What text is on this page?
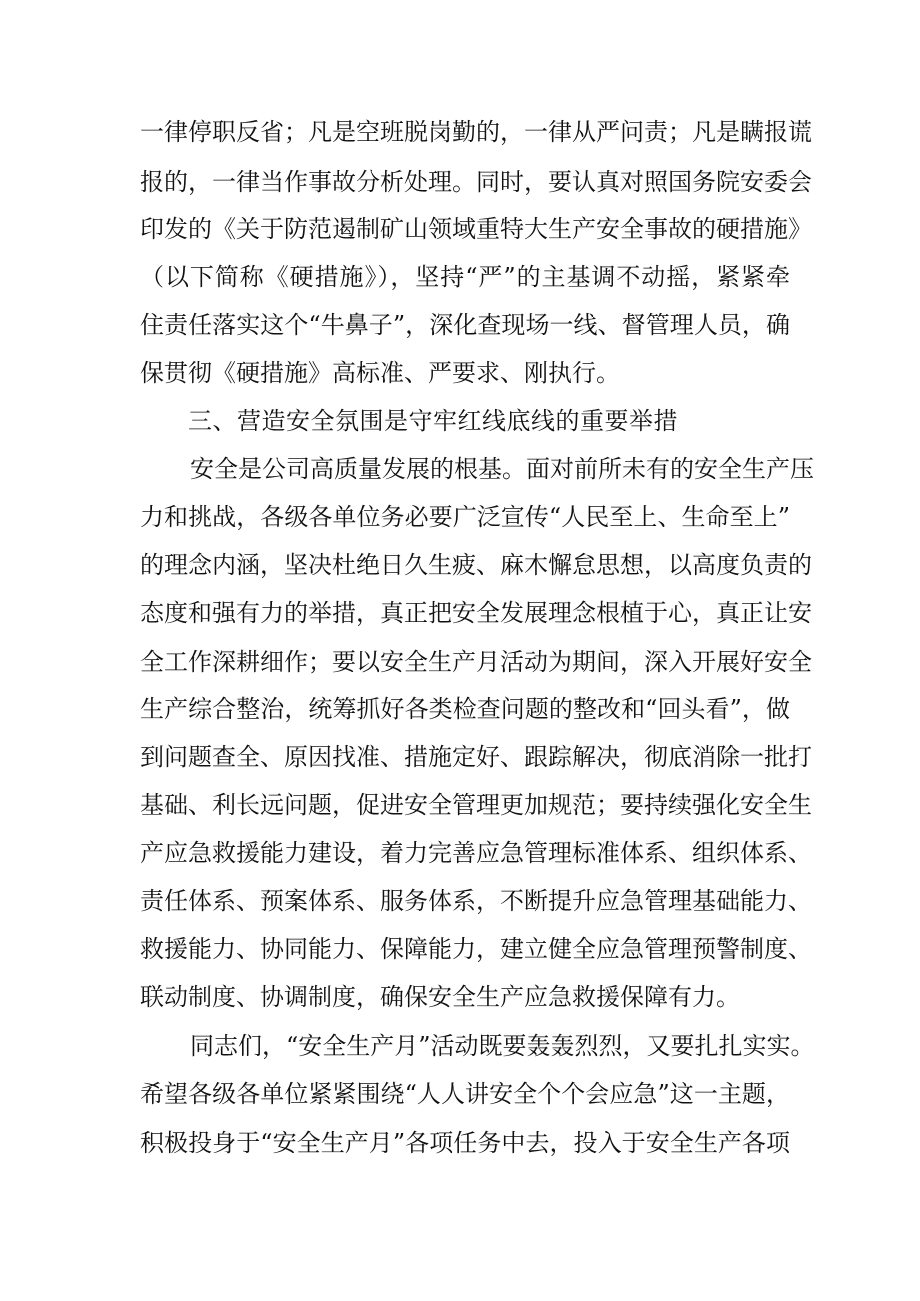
一律停职反省；凡是空班脱岗勤的，一律从严问责；凡是瞒报谎
报的，一律当作事故分析处理。同时，要认真对照国务院安委会
印发的《关于防范遏制矿山领域重特大生产安全事故的硬措施》
（以下简称《硬措施》），坚持“严”的主基调不动摇，紧紧牵
住责任落实这个“牛鼻子”，深化查现场一线、督管理人员，确
保贯彻《硬措施》高标准、严要求、刚执行。
三、营造安全氛围是守牢红线底线的重要举措
安全是公司高质量发展的根基。面对前所未有的安全生产压
力和挑战，各级各单位务必要广泛宣传“人民至上、生命至上”
的理念内涵，坚决杜绝日久生疲、麻木懈怠思想，以高度负责的
态度和强有力的举措，真正把安全发展理念根植于心，真正让安
全工作深耕细作；要以安全生产月活动为期间，深入开展好安全
生产综合整治，统筹抓好各类检查问题的整改和“回头看”，做
到问题查全、原因找准、措施定好、跟踪解决，彻底消除一批打
基础、利长远问题，促进安全管理更加规范；要持续强化安全生
产应急救援能力建设，着力完善应急管理标准体系、组织体系、
责任体系、预案体系、服务体系，不断提升应急管理基础能力、
救援能力、协同能力、保障能力，建立健全应急管理预警制度、
联动制度、协调制度，确保安全生产应急救援保障有力。
同志们，“安全生产月”活动既要轰轰烈烈，又要扎扎实实。
希望各级各单位紧紧围绕“人人讲安全个个会应急”这一主题，
积极投身于“安全生产月”各项任务中去，投入于安全生产各项
